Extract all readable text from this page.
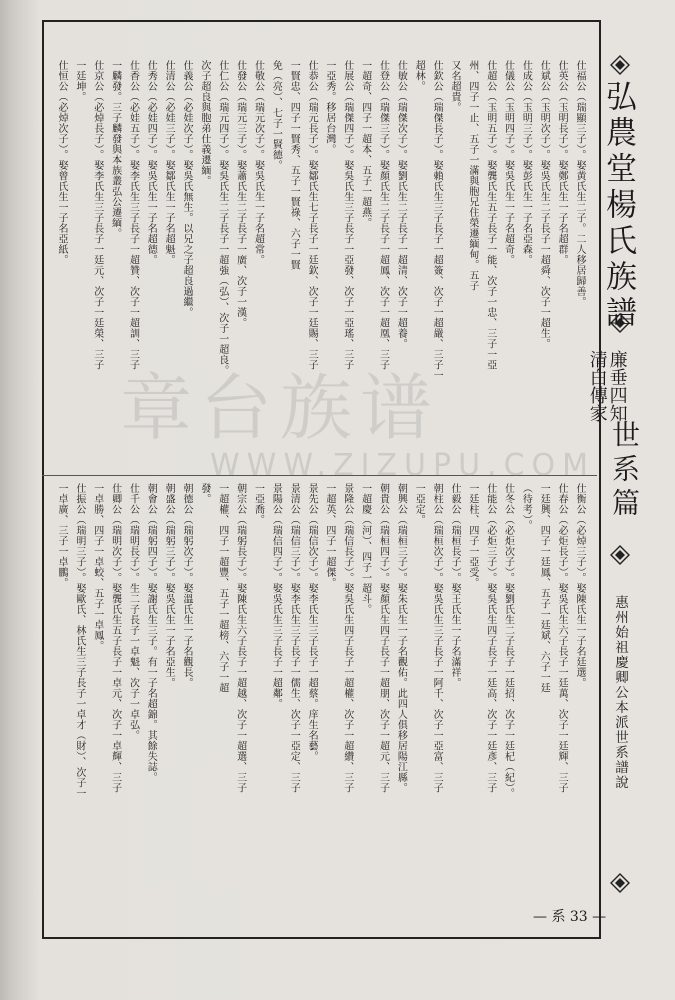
弘農堂楊氏族譜
廉垂四知
清白傳家
世系篇
惠州始祖慶卿公本派世系譜說
仕福公（瑞顯三子）。娶黄氏生二子。二人移居歸善。
仕英公（玉明長子）。娶鄭氏生一子名超群。
仕斌公（玉明次子）。娶吳氏生二子長子一超舜、次子一超生。
仕成公（玉明三子）。娶彭氏生一子名亞森。
仕儀公（玉明四子）。娶吳氏生一子名超奇。
仕超公（玉明五子）。娶龔氏生五子長子一能、次子一忠、三子一亞
州、四子一止、五子一滿與胞兄住榮遷緬甸。五子
又名超貴。
仕欽公（瑞傑長子）。娶賴氏生三子長子一超簽、次子一超嚴、三子一
超林。
仕敏公（瑞傑次子）。娶劉氏生二子長子一超清、次子一超養。
仕登公（瑞傑三子）。娶顏氏生二子長子一超鳳、次子一超凰、三子
一超奇、四子一超本、五子一超燕。
仕展公（瑞傑四子）。娶吳氏生三子長子一亞發、次子一亞瑤、三子
一亞秀。移居台灣。
仕恭公（瑞元長子）。娶鄒氏生七子長子一廷欽、次子一廷賜、三子
一賢忠、四子一賢秀、五子一賢祿、六子一賢
免（亮）、七子一賢德。
仕敬公（瑞元次子）。娶吳氏生一子名超常。
仕發公（瑞元三子）。娶蕭氏生二子長子一廣、次子一漢。
仕仁公（瑞元四子）。娶吳氏生二子長子一超強（弘）、次子一超良。
次子超良與胞弟仕義遷緬。
仕義公（必娃次子）。娶吳氏無生。以兄之子超良過繼。
仕清公（必娃三子）。娶鄒氏生一子名超魁。
仕秀公（必娃四子）。娶吳氏生一子名超德。
仕香公（必娃五子）。娶李氏生三子長子一超贊、次子一超訓、三子
一麟發。三子麟發與本族叢弘公遷緬。
仕京公（必焯長子）。娶李氏生三子長子一廷元、次子一廷榮、三子
一廷坤。
仕恒公（必焯次子）。娶曾氏生一子名亞紙。
仕衡公（必焯三子）。娶陳氏生一子名廷選。
仕春公（必炬長子）。娶吳氏生六子長子一廷萬、次子一廷輝、三子
一廷興、四子一廷鳳、五子一廷斌、六子一廷
（待考）。
仕冬公（必炬次子）。娶劉氏生二子長子一廷招、次子一廷杞（紀）。
仕能公（必炬三子）。娶吳氏生四子長子一廷高、次子一廷彥、三子
一廷柱、四子一亞受。
仕毅公（瑞桓長子）。娶王氏生一子名滿祥。
朝柱公（瑞桓次子）。娶吳氏生三子長子一阿千、次子一亞富、三子
一亞定。
朝興公（瑞桓三子）。娶朱氏生一子名觀佑。此四人俱移居陽江縣。
朝貴公（瑞桓四子）。娶顏氏生四子長子一超朋、次子一超元、三子
一超慶（河）、四子一超斗。
景隆公（瑞信長子）。娶吳氏生四子長子一超權、次子一超纘、三子
一超英、四子一超傑。
景先公（瑞信次子）。娶李氏生三子長子一超蔡。庠生名藝。
景清公（瑞信三子）。娶李氏生三子長子一儒生、次子一亞定、三子
景陽公（瑞信四子）。娶吳氏生三子長子一超鄰。
一亞喬。
朝宗公（瑞躬長子）。娶陳氏生六子長子一超越、次子一超選、三子
一超權、四子一超豐、五子一超榜、六子一超
發。
朝德公（瑞躬次子）。娶溫氏生一子名觀長。
朝盛公（瑞躬三子）。娶吳氏生一子名亞生。
朝會公（瑞躬四子）。娶謝氏生三子。有一子名超錦。其餘失誌。
仕千公（瑞明長子）。生二子長子一卓魁、次子一卓弘。
仕卿公（瑞明次子）。娶龔氏生五子長子一卓元、次子一卓輝、三子
一卓勝、四子一卓蛟、五子一卓鳳。
仕振公（瑞明三子）。娶歐氏、林氏生三子長子一卓才（財）、次子一
一卓廣、三子一卓鵬。
章台族谱
WWW.ZIZUPU.COM
— 系 33 —
